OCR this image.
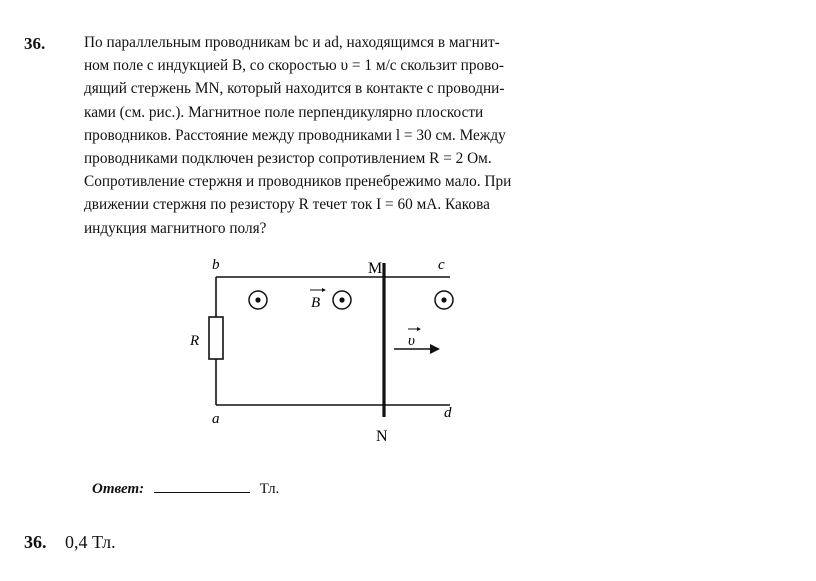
36.	По параллельным проводникам bc и ad, находящимся в магнит-
ном поле с индукцией B, со скоростью υ = 1 м/с скользит прово-
дящий стержень MN, который находится в контакте с проводни-
ками (см. рис.). Магнитное поле перпендикулярно плоскости
проводников. Расстояние между проводниками l = 30 см. Между
проводниками подключен резистор сопротивлением R = 2 Ом.
Сопротивление стержня и проводников пренебрежимо мало. При
движении стержня по резистору R течет ток I = 60 мА. Какова
индукция магнитного поля?
B
υ
b	c
M
R
a	d
N
Ответ:	Тл.
36. 0,4 Тл.
